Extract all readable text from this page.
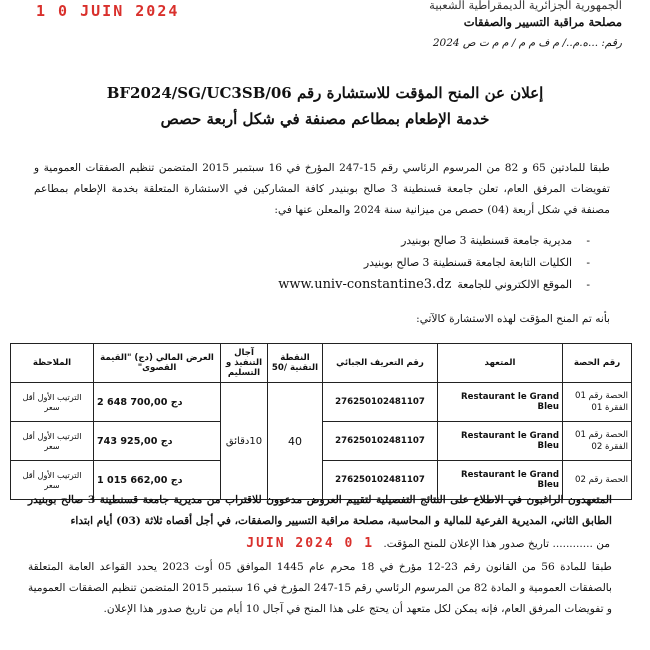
1 0 JUIN 2024	الجمهورية الجزائرية الديمقراطية الشعبية
مصلحة مراقبة التسيير والصفقات
رقم: ...ه.م../ م ف م م / م م ت ص 2024
إعلان عن المنح المؤقت للاستشارة رقم BF2024/SG/UC3SB/06
خدمة الإطعام بمطاعم مصنفة في شكل أربعة حصص
طبقا للمادتين 65 و 82 من المرسوم الرئاسي رقم 15-247 المؤرخ في 16 سبتمبر 2015 المتضمن تنظيم الصفقات العمومية و تفويضات المرفق العام، تعلن جامعة قسنطينة 3 صالح بوبنيدر كافة المشاركين في الاستشارة المتعلقة بخدمة الإطعام بمطاعم مصنفة في شكل أربعة (04) حصص من ميزانية سنة 2024 والمعلن عنها في:
- مديرية جامعة قسنطينة 3 صالح بوبنيدر
- الكليات التابعة لجامعة قسنطينة 3 صالح بوبنيدر
- الموقع الالكتروني للجامعةwww.univ-constantine3.dz
بأنه تم المنح المؤقت لهذه الاستشارة كالآتي:
رقم الحصة	المتعهد	رقم التعريف الجبائي	النقطة التقنية /50	آجال التنفيذ و التسليم	العرض المالي (دج) "القيمة القصوى"	الملاحظة

الحصة رقم 01 الفقرة 01	Restaurant le Grand Bleu	276250102481107	40	10دقائق	2 648 700,00 دج	الترتيب الأول أقل سعر

الحصة رقم 01 الفقرة 02	Restaurant le Grand Bleu	276250102481107			743 925,00 دج	الترتيب الأول أقل سعر

الحصة رقم 02	Restaurant le Grand Bleu	276250102481107			1 015 662,00 دج	الترتيب الأول أقل سعر
المتعهدون الراغبون في الاطلاع على النتائج التفصيلية لتقييم العروض مدعوون للاقتراب من مديرية جامعة قسنطينة 3 صالح بوبنيدر الطابق الثاني، المديرية الفرعية للمالية و المحاسبة، مصلحة مراقبة التسيير والصفقات، في أجل أقصاه ثلاثة (03) أيام ابتداء
من ............ تاريخ صدور هذا الإعلان للمنح المؤقت. 1 0 JUIN 2024
طبقا للمادة 56 من القانون رقم 23-12 مؤرخ في 18 محرم عام 1445 الموافق 05 أوت 2023 يحدد القواعد العامة المتعلقة بالصفقات العمومية و المادة 82 من المرسوم الرئاسي رقم 15-247 المؤرخ في 16 سبتمبر 2015 المتضمن تنظيم الصفقات العمومية و تفويضات المرفق العام، فإنه يمكن لكل متعهد أن يحتج على هذا المنح في آجال 10 أيام من تاريخ صدور هذا الإعلان.
